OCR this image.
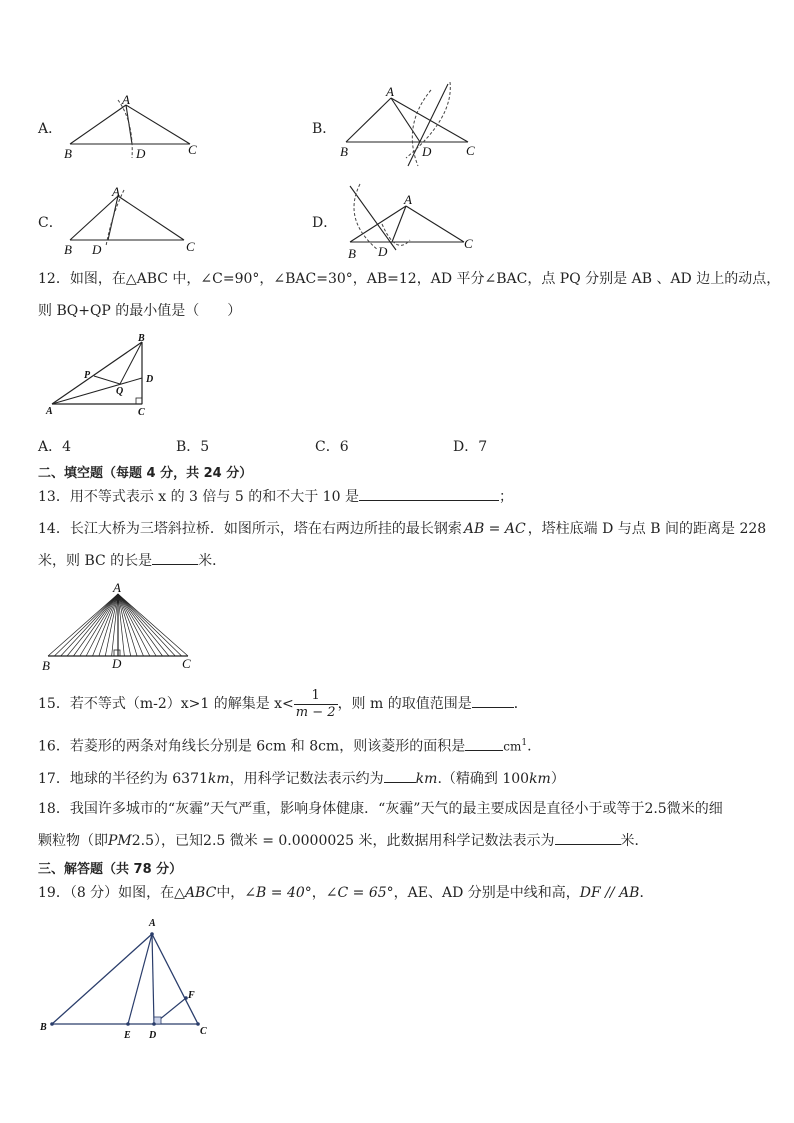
A．
A
B	D	C
B．
A
B	D	C
C．
A
B D	C
D．
A
B D
C
12．如图，在△ABC 中，∠C=90°，∠BAC=30°，AB=12，AD 平分∠BAC，点 PQ 分别是 AB 、AD 边上的动点，
则 BQ+QP 的最小值是（　　）
B
P	D
Q
A	C
A．4	B．5	C．6	D．7
二、填空题（每题 4 分，共 24 分）
13．用不等式表示 x 的 3 倍与 5 的和不大于 10 是	；
14．长江大桥为三塔斜拉桥．如图所示，塔在右两边所挂的最长钢索 AB = AC ，塔柱底端 D 与点 B 间的距离是 228
米，则 BC 的长是	米．
A
B	D	C
15．若不等式（m-2）x>1 的解集是 $x< \frac{1}{m - 2}$ ，则 m 的取值范围是	．
16．若菱形的两条对角线长分别是 6cm 和 8cm，则该菱形的面积是	$cm^1$.
17．地球的半径约为 6371km，用科学记数法表示约为 km.（精确到 100km）
18．我国许多城市的“灰霾”天气严重，影响身体健康．“灰霾”天气的最主要成因是直径小于或等于2.5微米的细
颗粒物（即PM2.5），已知2.5 微米 = 0.0000025 米，此数据用科学记数法表示为	米．
三、解答题（共 78 分）
19．（8 分）如图，在△ABC中，∠B = 40°，∠C = 65°，AE、AD 分别是中线和高，DF // AB．
A
F
B
E D	C
